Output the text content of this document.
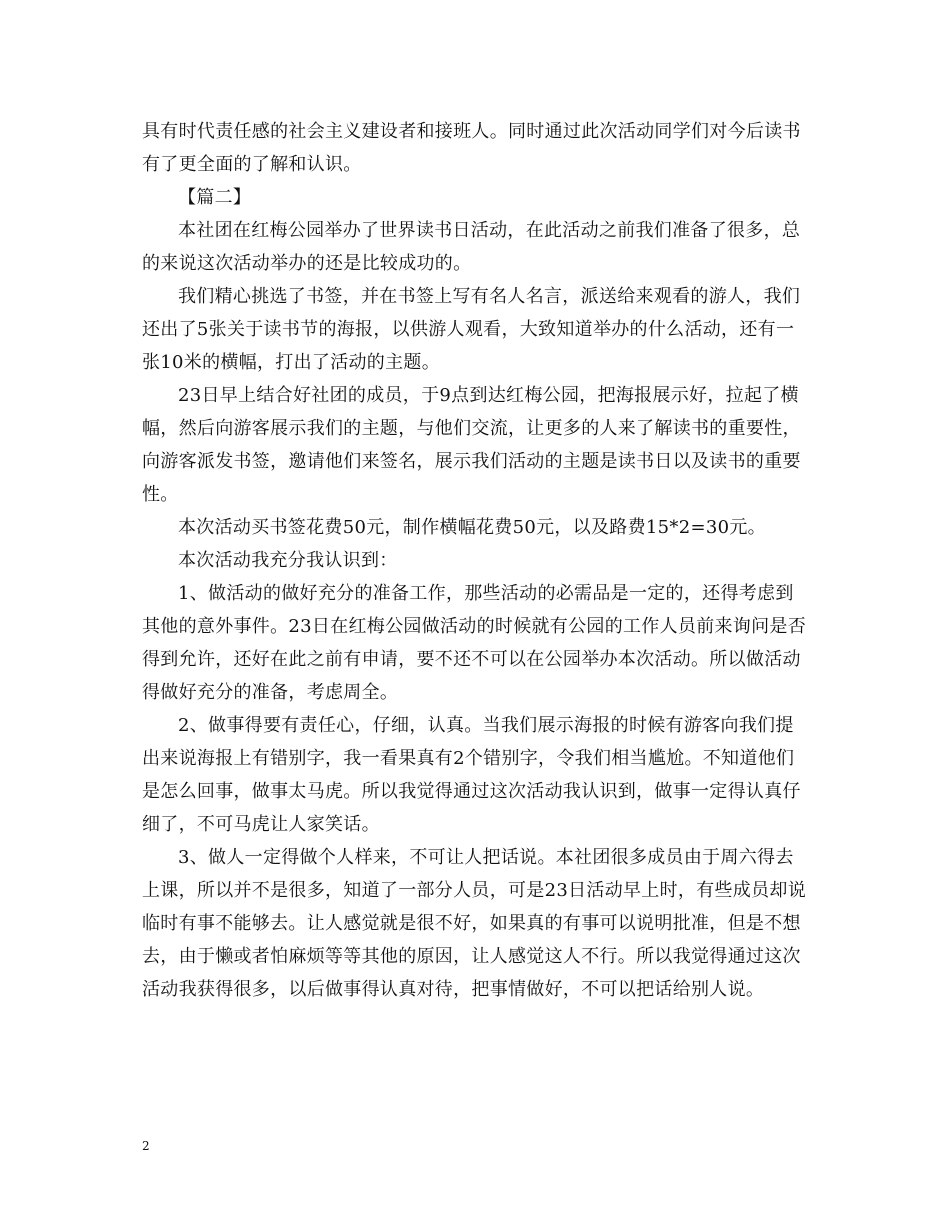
具有时代责任感的社会主义建设者和接班人。同时通过此次活动同学们对今后读书有了更全面的了解和认识。

【篇二】

本社团在红梅公园举办了世界读书日活动，在此活动之前我们准备了很多，总的来说这次活动举办的还是比较成功的。

我们精心挑选了书签，并在书签上写有名人名言，派送给来观看的游人，我们还出了5张关于读书节的海报，以供游人观看，大致知道举办的什么活动，还有一张10米的横幅，打出了活动的主题。

23日早上结合好社团的成员，于9点到达红梅公园，把海报展示好，拉起了横幅，然后向游客展示我们的主题，与他们交流，让更多的人来了解读书的重要性，向游客派发书签，邀请他们来签名，展示我们活动的主题是读书日以及读书的重要性。

本次活动买书签花费50元，制作横幅花费50元，以及路费15*2=30元。

本次活动我充分我认识到：

1、做活动的做好充分的准备工作，那些活动的必需品是一定的，还得考虑到其他的意外事件。23日在红梅公园做活动的时候就有公园的工作人员前来询问是否得到允许，还好在此之前有申请，要不还不可以在公园举办本次活动。所以做活动得做好充分的准备，考虑周全。

2、做事得要有责任心，仔细，认真。当我们展示海报的时候有游客向我们提出来说海报上有错别字，我一看果真有2个错别字，令我们相当尴尬。不知道他们是怎么回事，做事太马虎。所以我觉得通过这次活动我认识到，做事一定得认真仔细了，不可马虎让人家笑话。

3、做人一定得做个人样来，不可让人把话说。本社团很多成员由于周六得去上课，所以并不是很多，知道了一部分人员，可是23日活动早上时，有些成员却说临时有事不能够去。让人感觉就是很不好，如果真的有事可以说明批准，但是不想去，由于懒或者怕麻烦等等其他的原因，让人感觉这人不行。所以我觉得通过这次活动我获得很多，以后做事得认真对待，把事情做好，不可以把话给别人说。

2
